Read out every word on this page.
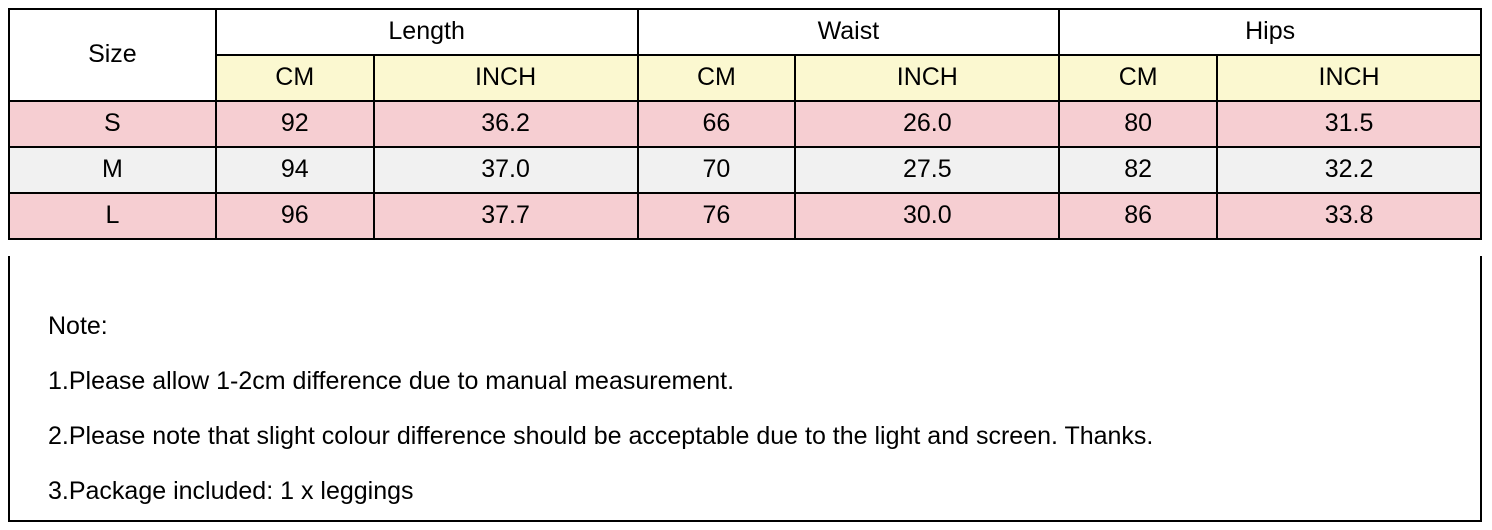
Size	Length		Waist		Hips	
	CM	INCH	CM	INCH	CM	INCH
S	92	36.2	66	26.0	80	31.5
M	94	37.0	70	27.5	82	32.2
L	96	37.7	76	30.0	86	33.8
Note:
1.Please allow 1-2cm difference due to manual measurement.
2.Please note that slight colour difference should be acceptable due to the light and screen. Thanks.
3.Package included: 1 x leggings
